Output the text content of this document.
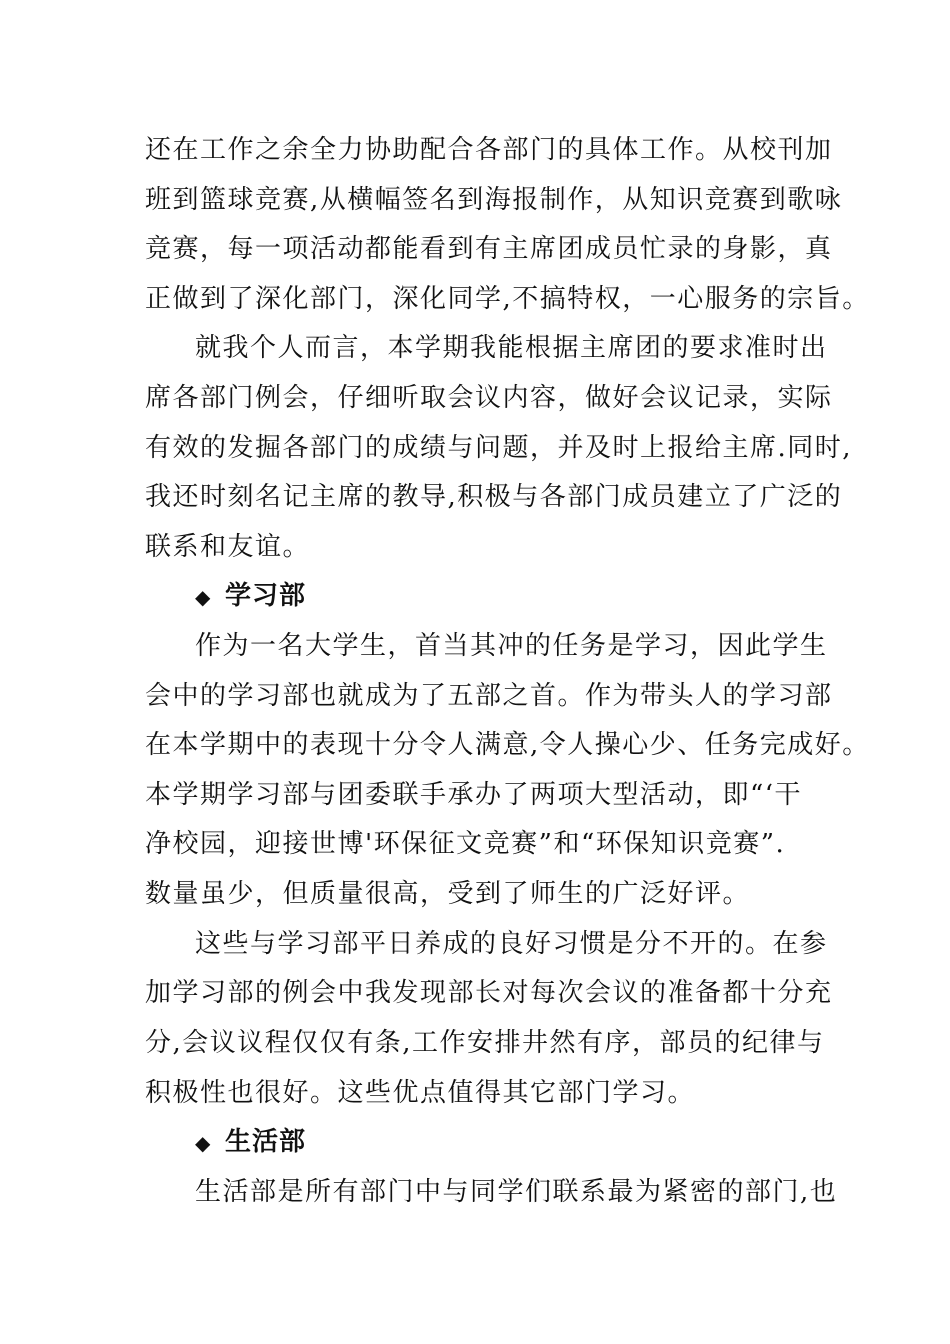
还在工作之余全力协助配合各部门的具体工作。从校刊加
班到篮球竞赛,从横幅签名到海报制作，从知识竞赛到歌咏
竞赛，每一项活动都能看到有主席团成员忙录的身影，真
正做到了深化部门，深化同学,不搞特权，一心服务的宗旨。
就我个人而言，本学期我能根据主席团的要求准时出
席各部门例会，仔细听取会议内容，做好会议记录，实际
有效的发掘各部门的成绩与问题，并及时上报给主席.同时,
我还时刻名记主席的教导,积极与各部门成员建立了广泛的
联系和友谊。
◆ 学习部
作为一名大学生，首当其冲的任务是学习，因此学生
会中的学习部也就成为了五部之首。作为带头人的学习部
在本学期中的表现十分令人满意,令人操心少、任务完成好。
本学期学习部与团委联手承办了两项大型活动，即“‘干
净校园，迎接世博'环保征文竞赛”和“环保知识竞赛”.
数量虽少，但质量很高，受到了师生的广泛好评。
这些与学习部平日养成的良好习惯是分不开的。在参
加学习部的例会中我发现部长对每次会议的准备都十分充
分,会议议程仅仅有条,工作安排井然有序，部员的纪律与
积极性也很好。这些优点值得其它部门学习。
◆ 生活部
生活部是所有部门中与同学们联系最为紧密的部门,也
